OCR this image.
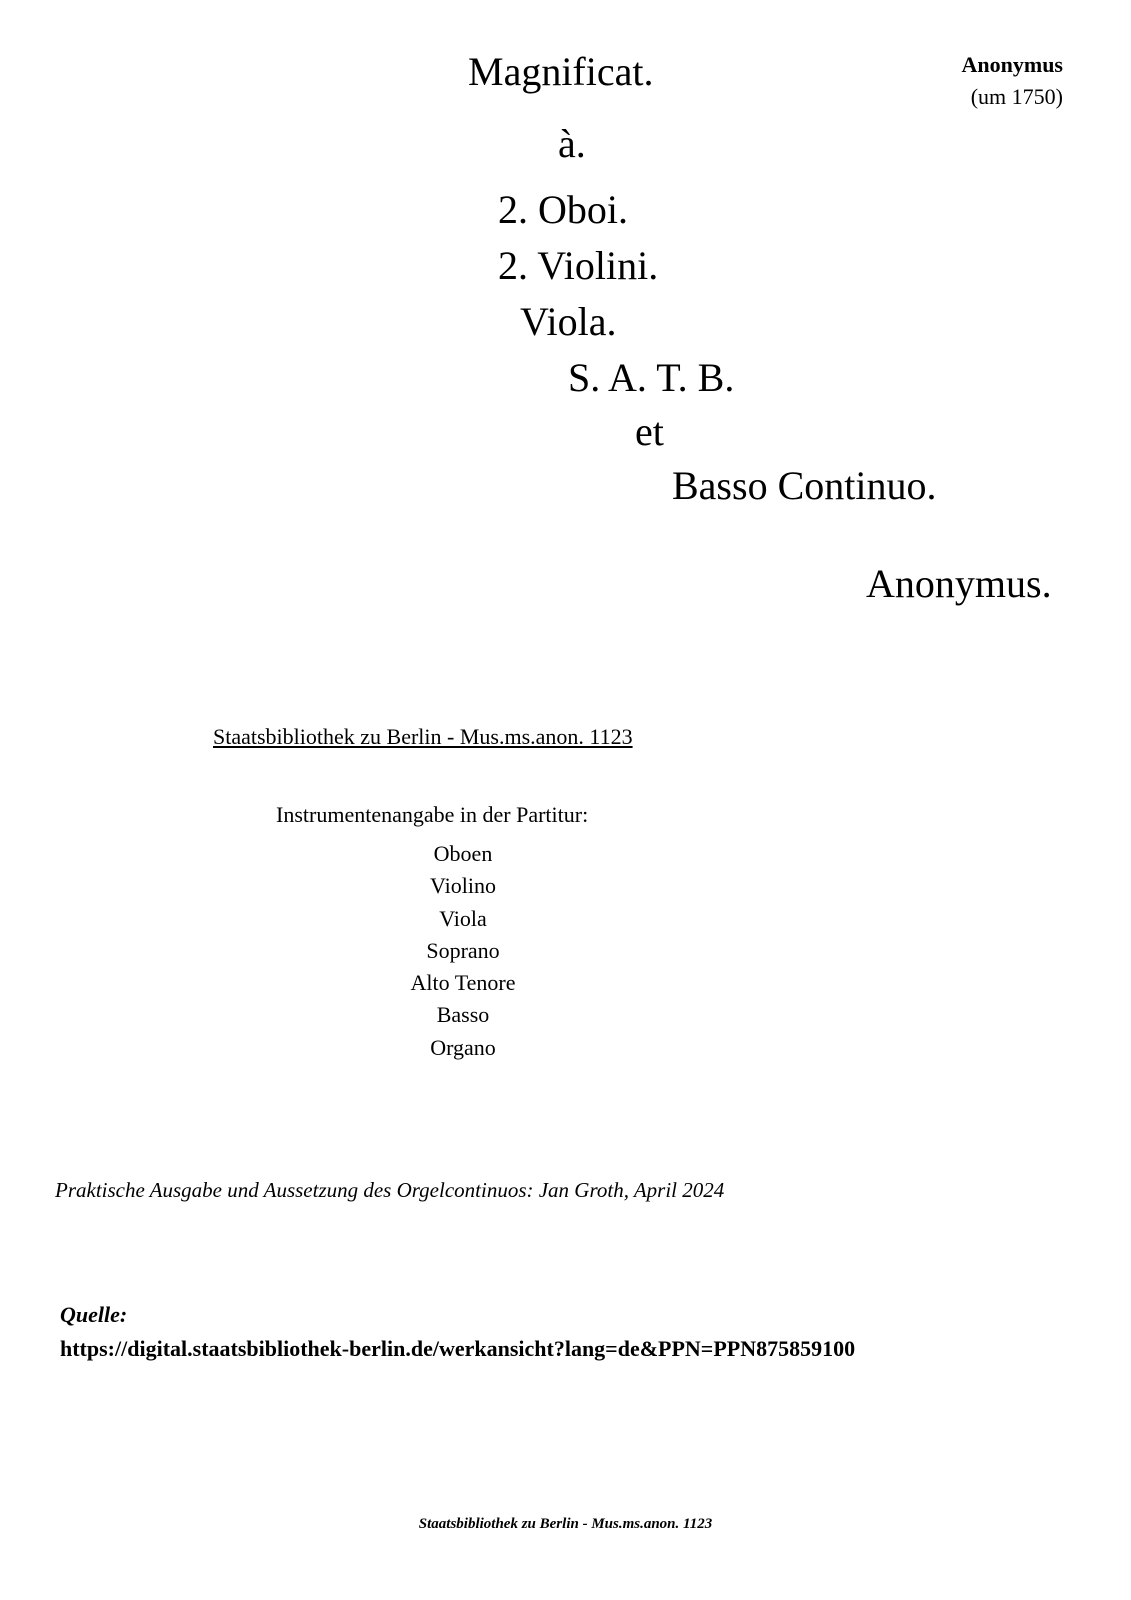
Anonymus
(um 1750)
Magnificat.
à.
2. Oboi.
2. Violini.
Viola.
S. A. T. B.
et
Basso Continuo.
Anonymus.
Staatsbibliothek zu Berlin - Mus.ms.anon. 1123
Instrumentenangabe in der Partitur:
Oboen
Violino
Viola
Soprano
Alto Tenore
Basso
Organo
Praktische Ausgabe und Aussetzung des Orgelcontinuos: Jan Groth, April 2024
Quelle:
https://digital.staatsbibliothek-berlin.de/werkansicht?lang=de&PPN=PPN875859100
Staatsbibliothek zu Berlin - Mus.ms.anon. 1123
